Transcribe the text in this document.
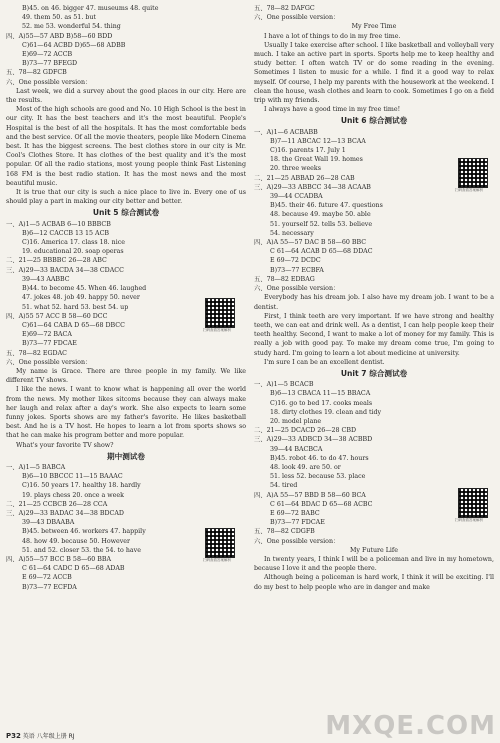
B)45. on 46. bigger 47. museums 48. quite
49. them 50. as 51. but
52. me 53. wonderful 54. thing
四、A)55—57 ABD B)58—60 BDD
C)61—64 ACBD D)65—68 ADBB
E)69—72 ACCB
B)73—77 BFEGD
五、78—82 GDFCB
六、One possible version：
Last week, we did a survey about the good places in our city. Here are the results.
Most of the high schools are good and No. 10 High School is the best in our city. It has the best teachers and it's the most beautiful. People's Hospital is the best of all the hospitals. It has the most comfortable beds and the best service. Of all the movie theaters, people like Modern Cinema best. It has the biggest screens. The best clothes store in our city is Mr. Cool's Clothes Store. It has clothes of the best quality and it's the most popular. Of all the radio stations, most young people think Fast Listening 168 FM is the best radio station. It has the most news and the most beautiful music.
It is true that our city is such a nice place to live in. Every one of us should play a part in making our city better and better.
Unit 5 综合测试卷
一、A)1—5 ACBAB 6—10 BBBCB
B)6—12 CACCB 13 15 ACB
C)16. America 17. class 18. nice
19. educational 20. soap operas
二、21—25 BBBBC 26—28 ABC
三、A)29—33 BACDA 34—38 CDACC
39—43 AABBC
B)44. to become 45. When 46. laughed
47. jokes 48. job 49. happy 50. never
51. what 52. hard 53. best 54. up
四、A)55 57 ACC B 58—60 DCC
C)61—64 CABA D 65—68 DBCC
E)69—72 BACA
B)73—77 FDCAE
五、78—82 EGDAC
六、One possible version：
My name is Grace. There are three people in my family. We like different TV shows.
I like the news. I want to know what is happening all over the world from the news. My mother likes sitcoms because they can always make her laugh and relax after a day's work. She also expects to learn some funny jokes. Sports shows are my father's favorite. He likes basketball best. And he is a TV host. He hopes to learn a lot from sports shows so that he can make his program better and more popular.
What's your favorite TV show?
期中测试卷
一、A)1—5 BABCA
B)6—10 BBCCC 11—15 BAAAC
C)16. 50 years 17. healthy 18. hardly
19. plays chess 20. once a week
二、21—25 CCBCB 26—28 CCA
三、A)29—33 BADAC 34—38 BDCAD
39—43 DBAABA
B)45. between 46. workers 47. happily
48. how 49. because 50. However
51. and 52. closer 53. the 54. to have
四、A)55—57 BCC B 58—60 BBA
C 61—64 CADC D 65—68 ADAB
E 69—72 ACCB
B)73—77 ECFDA
五、78—82 DAFGC
六、One possible version：
My Free Time
I have a lot of things to do in my free time.
Usually I take exercise after school. I like basketball and volleyball very much. I take an active part in sports. Sports help me to keep healthy and study better. I often watch TV or do some reading in the evening. Sometimes I listen to music for a while. I find it a good way to relax myself. Of course, I help my parents with the housework at the weekend. I clean the house, wash clothes and learn to cook. Sometimes I go on a field trip with my friends.
I always have a good time in my free time!
Unit 6 综合测试卷
一、A)1—6 ACBABB
B)7—11 ABCAC 12—13 BCAA
C)16. parents 17. July 1
18. the Great Wall 19. homes
20. three weeks
二、21—25 ABBAD 26—28 CAB
三、A)29—33 ABBCC 34—38 ACAAB
39—44 CCADBA
B)45. their 46. future 47. questions
48. because 49. maybe 50. able
51. yourself 52. tells 53. believe
54. necessary
四、A)A 55—57 DAC B 58—60 BBC
C 61—64 ACAB D 65—68 DDAC
E 69—72 DCDC
B)73—77 ECBFA
五、78—82 EDBAG
六、One possible version：
Everybody has his dream job. I also have my dream job. I want to be a dentist.
First, I think teeth are very important. If we have strong and healthy teeth, we can eat and drink well. As a dentist, I can help people keep their teeth healthy. Second, I want to make a lot of money for my family. This is really a job with good pay. To make my dream come true, I'm going to study hard. I'm going to learn a lot about medicine at university.
I'm sure I can be an excellent dentist.
Unit 7 综合测试卷
一、A)1—5 BCACB
B)6—13 CBACA 11—15 BBACA
C)16. go to bed 17. cooks meals
18. dirty clothes 19. clean and tidy
20. model plane
二、21—25 DCACD 26—28 CBD
三、A)29—33 ADBCD 34—38 ACBBD
39—44 BACBCA
B)45. robot 46. to do 47. hours
48. look 49. are 50. or
51. less 52. because 53. place
54. tired
四、A)A 55—57 BBD B 58—60 BCA
C 61—64 BDAC D 65—68 ACBC
E 69—72 BABC
B)73—77 FDCAE
五、78—82 CDGFB
六、One possible version：
My Future Life
In twenty years, I think I will be a policeman and live in my hometown, because I love it and the people there.
Although being a policeman is hard work, I think it will be exciting. I'll do my best to help people who are in danger and make
扫码查看答案解析
扫码查看答案解析
扫码查看答案解析
扫码查看答案解析
P32 英语 八年级上册 RJ	MXQE.COM
